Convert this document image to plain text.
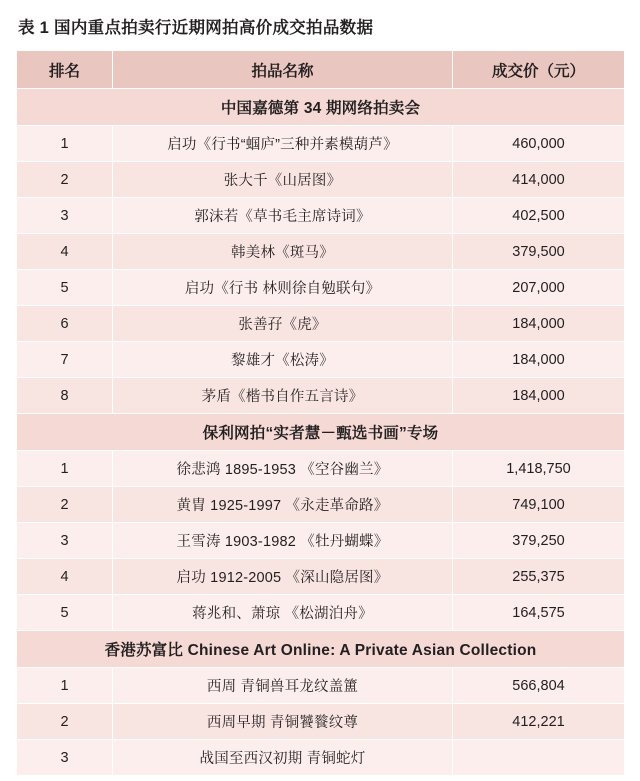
表 1 国内重点拍卖行近期网拍高价成交拍品数据
排名	拍品名称	成交价（元）
中国嘉德第 34 期网络拍卖会		
1	启功《行书“蝈庐”三种并素模葫芦》	460,000
2	张大千《山居图》	414,000
3	郭沫若《草书毛主席诗词》	402,500
4	韩美林《斑马》	379,500
5	启功《行书 林则徐自勉联句》	207,000
6	张善孖《虎》	184,000
7	黎雄才《松涛》	184,000
8	茅盾《楷书自作五言诗》	184,000
保利网拍“实者慧－甄选书画”专场		
1	徐悲鸿 1895-1953 《空谷幽兰》	1,418,750
2	黄胄 1925-1997 《永走革命路》	749,100
3	王雪涛 1903-1982 《牡丹蝴蝶》	379,250
4	启功 1912-2005 《深山隐居图》	255,375
5	蒋兆和、萧琼 《松湖泊舟》	164,575
香港苏富比 Chinese Art Online: A Private Asian Collection		
1	西周 青铜兽耳龙纹盖簠	566,804
2	西周早期 青铜饕餮纹尊	412,221
3	战国至西汉初期 青铜蛇灯	
